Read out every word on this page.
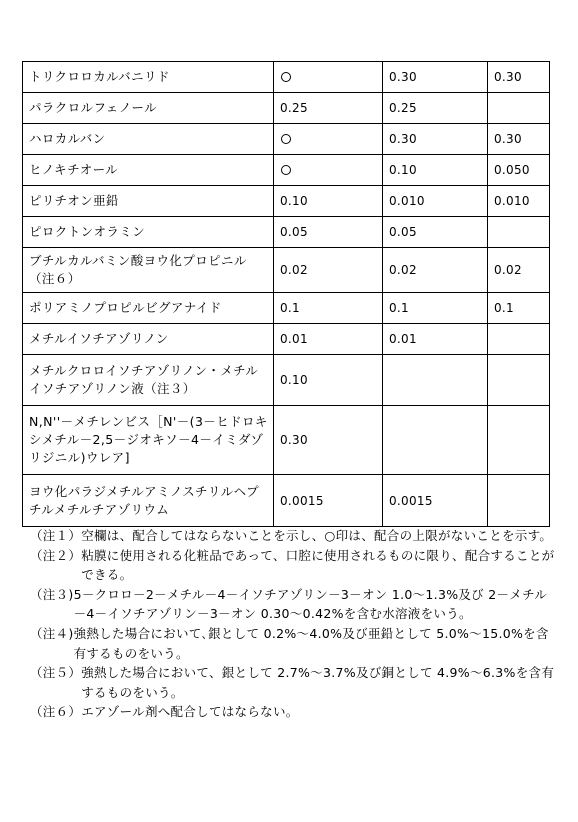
トリクロロカルバニリド		0.30	0.30
パラクロルフェノール	0.25	0.25	
ハロカルバン		0.30	0.30
ヒノキチオール		0.10	0.050
ピリチオン亜鉛	0.10	0.010	0.010
ピロクトンオラミン	0.05	0.05	
ブチルカルバミン酸ヨウ化プロピニル（注６）	0.02	0.02	0.02
ポリアミノプロピルビグアナイド	0.1	0.1	0.1
メチルイソチアゾリノン	0.01	0.01	
メチルクロロイソチアゾリノン・メチルイソチアゾリノン液（注３）	0.10		
N,N''－メチレンビス［N'－(3－ヒドロキシメチル－2,5－ジオキソ－4－イミダゾリジニル)ウレア]	0.30		
ヨウ化パラジメチルアミノスチリルヘプチルメチルチアゾリウム	0.0015	0.0015	
（注１） 空欄は、配合してはならないことを示し、○印は、配合の上限がないことを示す。
（注２） 粘膜に使用される化粧品であって、口腔に使用されるものに限り、配合することができる。
（注３) 5－クロロ－2－メチル－4－イソチアゾリン－3－オン 1.0～1.3%及び 2－メチル－4－イソチアゾリン－3－オン 0.30～0.42%を含む水溶液をいう。
（注４) 強熱した場合において､銀として 0.2%～4.0%及び亜鉛として 5.0%～15.0%を含有するものをいう。
（注５） 強熱した場合において、銀として 2.7%～3.7%及び銅として 4.9%～6.3%を含有するものをいう。
（注６） エアゾール剤へ配合してはならない。
